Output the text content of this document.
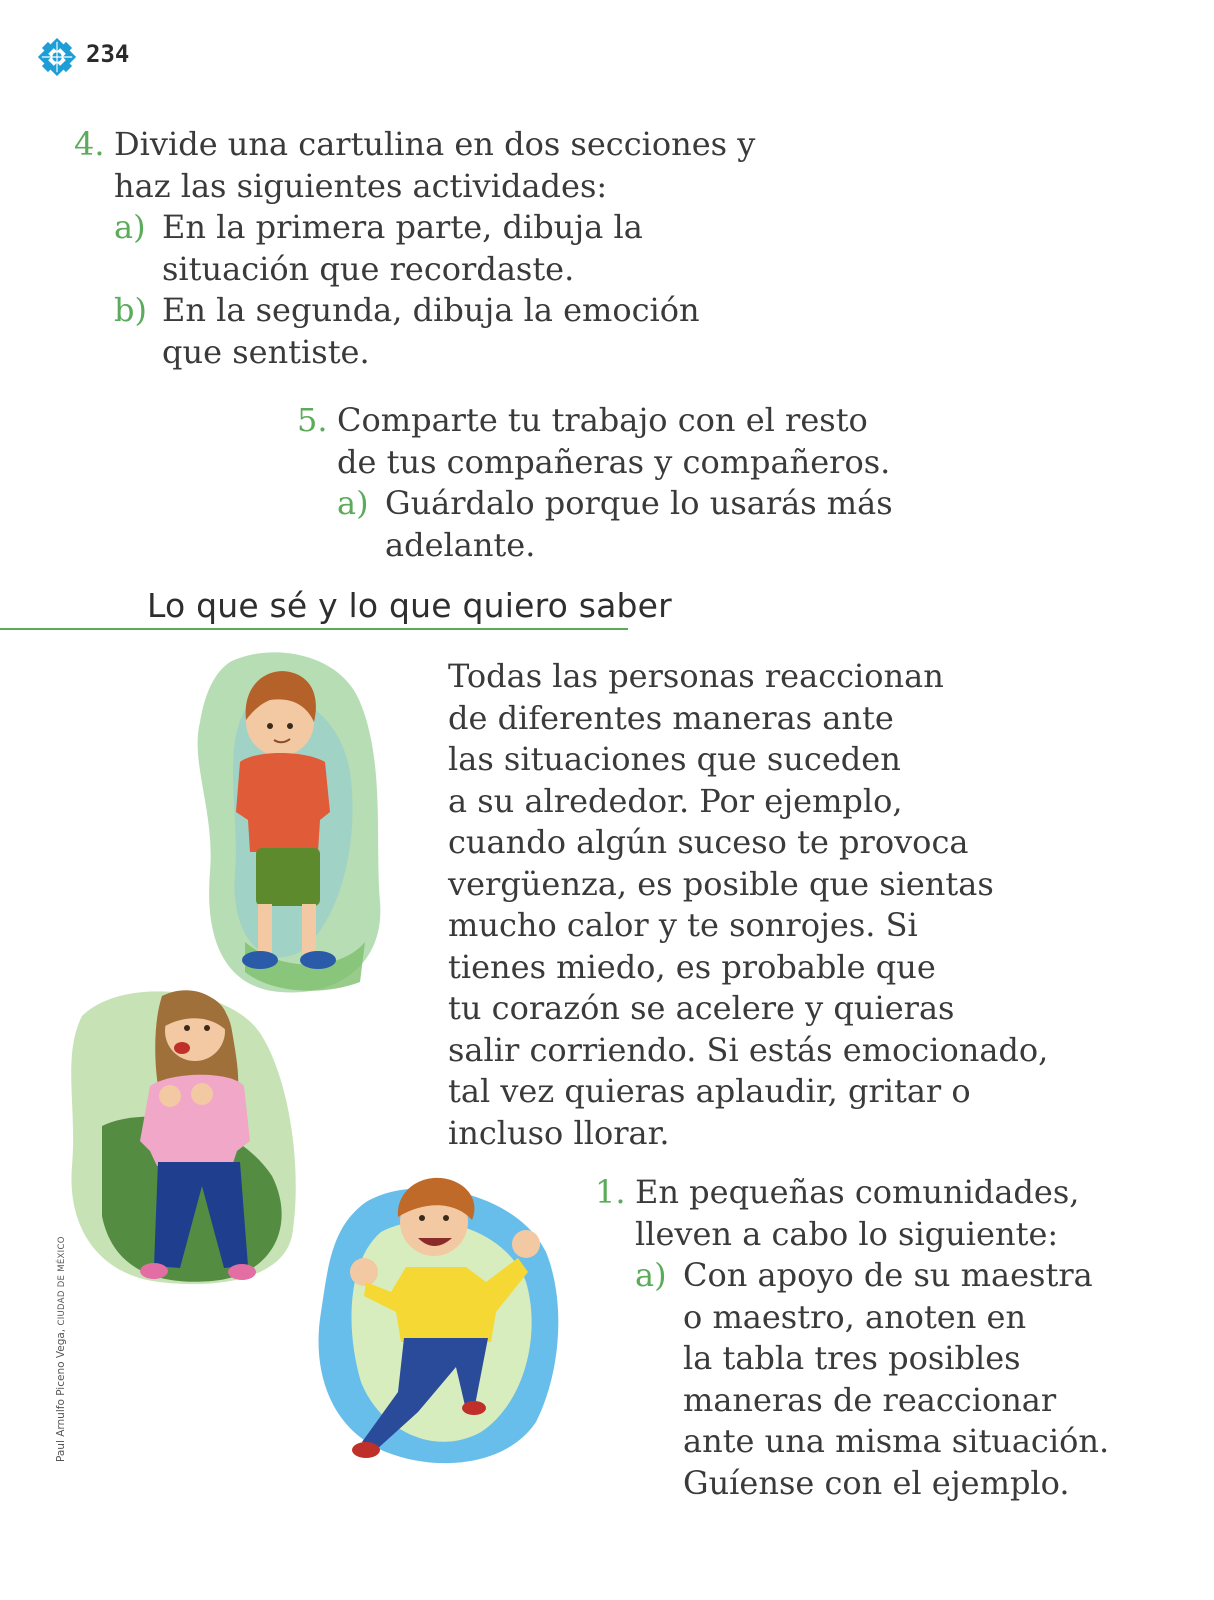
234
4. Divide una cartulina en dos secciones y
haz las siguientes actividades:
a) En la primera parte, dibuja la
situación que recordaste.
b) En la segunda, dibuja la emoción
que sentiste.
5. Comparte tu trabajo con el resto
de tus compañeras y compañeros.
a) Guárdalo porque lo usarás más
adelante.
Lo que sé y lo que quiero saber
Todas las personas reaccionan
de diferentes maneras ante
las situaciones que suceden
a su alrededor. Por ejemplo,
cuando algún suceso te provoca
vergüenza, es posible que sientas
mucho calor y te sonrojes. Si
tienes miedo, es probable que
tu corazón se acelere y quieras
salir corriendo. Si estás emocionado,
tal vez quieras aplaudir, gritar o
incluso llorar.
1. En pequeñas comunidades,
lleven a cabo lo siguiente:
a) Con apoyo de su maestra
o maestro, anoten en
la tabla tres posibles
maneras de reaccionar
ante una misma situación.
Guíense con el ejemplo.
Paul Arnulfo Piceno Vega, CIUDAD DE MÉXICO
